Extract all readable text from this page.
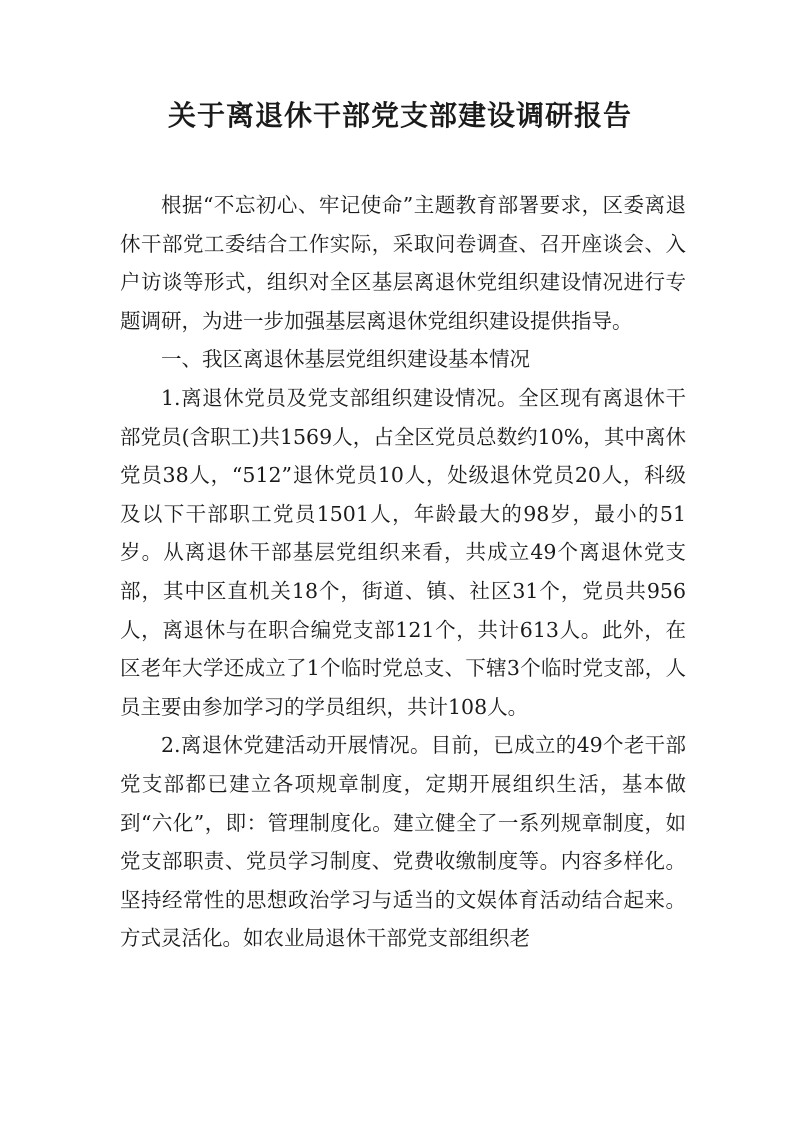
关于离退休干部党支部建设调研报告

根据“不忘初心、牢记使命”主题教育部署要求，区委离退休干部党工委结合工作实际，采取问卷调查、召开座谈会、入户访谈等形式，组织对全区基层离退休党组织建设情况进行专题调研，为进一步加强基层离退休党组织建设提供指导。

一、我区离退休基层党组织建设基本情况

1.离退休党员及党支部组织建设情况。全区现有离退休干部党员(含职工)共1569人，占全区党员总数约10%，其中离休党员38人，“512”退休党员10人，处级退休党员20人，科级及以下干部职工党员1501人，年龄最大的98岁，最小的51岁。从离退休干部基层党组织来看，共成立49个离退休党支部，其中区直机关18个，街道、镇、社区31个，党员共956人，离退休与在职合编党支部121个，共计613人。此外，在区老年大学还成立了1个临时党总支、下辖3个临时党支部，人员主要由参加学习的学员组织，共计108人。

2.离退休党建活动开展情况。目前，已成立的49个老干部党支部都已建立各项规章制度，定期开展组织生活，基本做到“六化”，即：管理制度化。建立健全了一系列规章制度，如党支部职责、党员学习制度、党费收缴制度等。内容多样化。坚持经常性的思想政治学习与适当的文娱体育活动结合起来。方式灵活化。如农业局退休干部党支部组织老
